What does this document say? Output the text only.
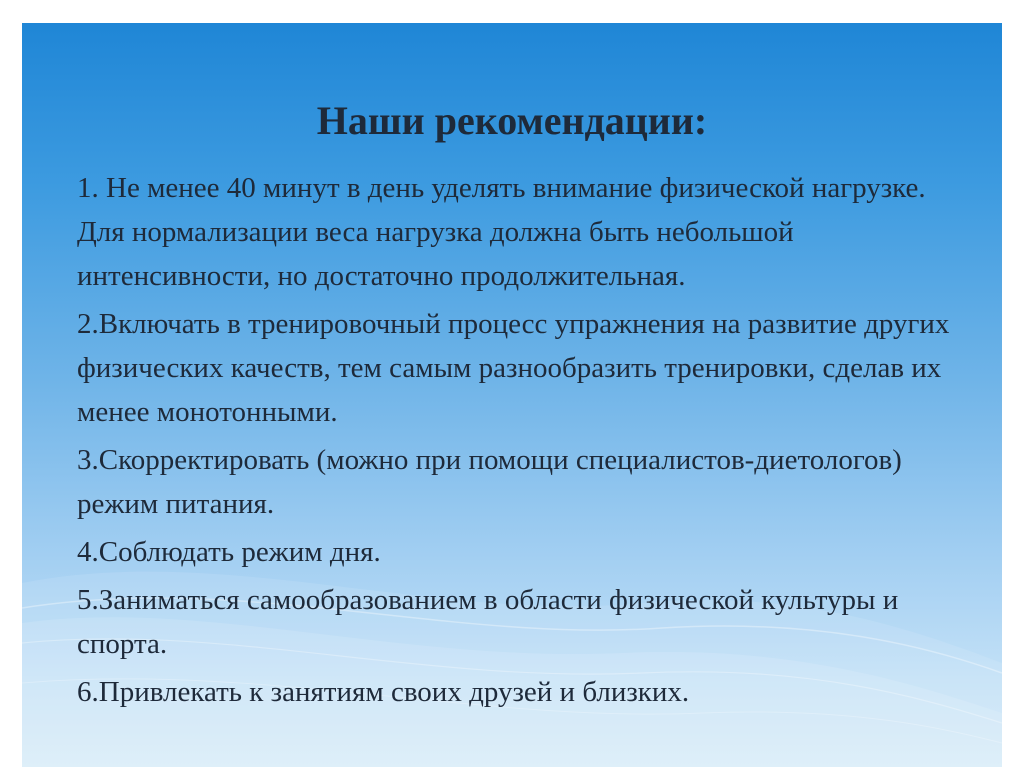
Наши рекомендации:
1. Не менее 40 минут в день уделять внимание физической нагрузке. Для нормализации веса нагрузка должна быть небольшой интенсивности, но достаточно продолжительная.
2.Включать в тренировочный процесс упражнения на развитие других физических качеств, тем самым разнообразить тренировки, сделав их менее монотонными.
3.Скорректировать (можно при помощи специалистов-диетологов) режим питания.
4.Соблюдать режим дня.
5.Заниматься самообразованием в области физической культуры и спорта.
6.Привлекать к занятиям своих друзей и близких.
